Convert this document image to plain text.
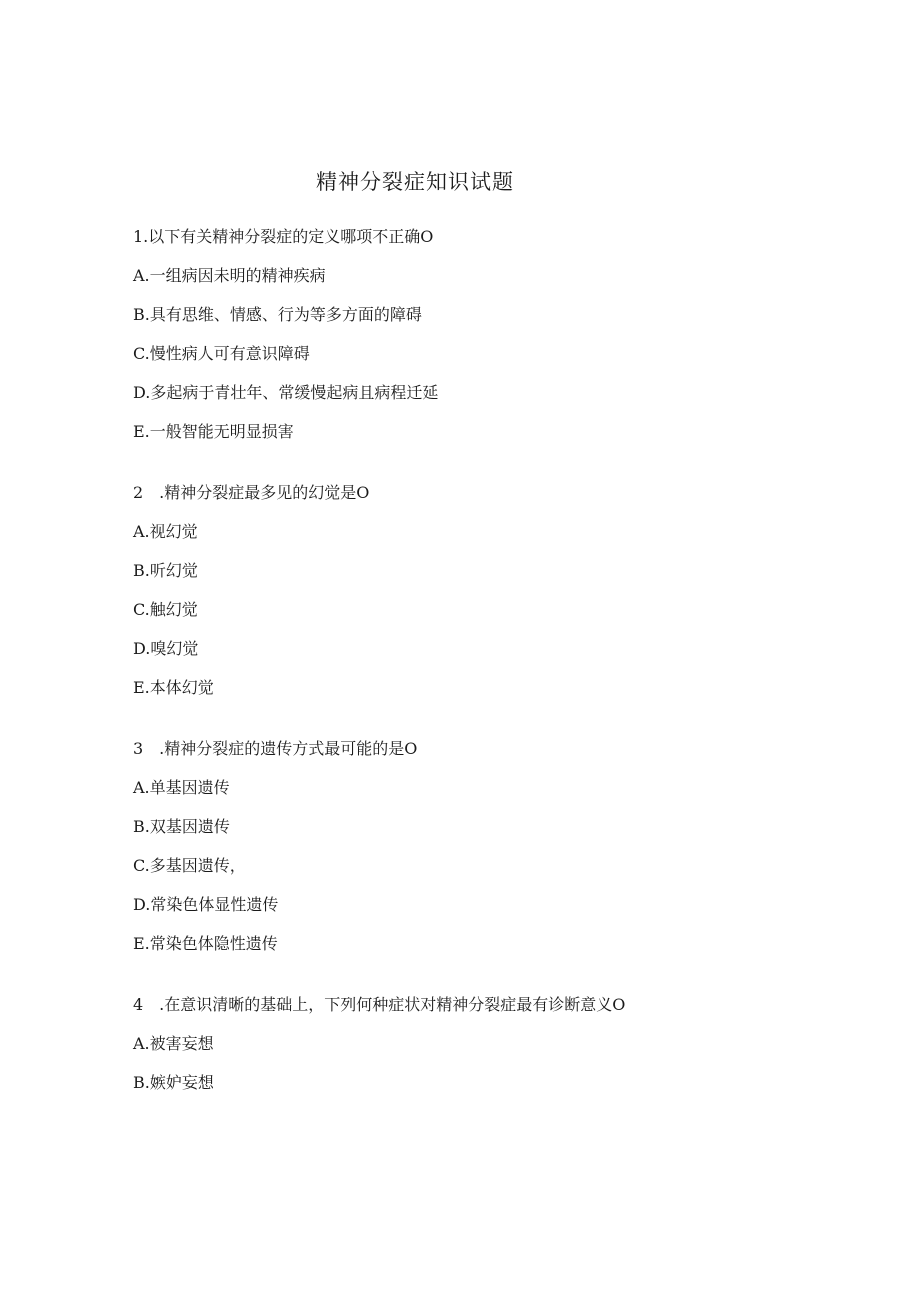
精神分裂症知识试题
1.以下有关精神分裂症的定义哪项不正确O
A.一组病因未明的精神疾病
B.具有思维、情感、行为等多方面的障碍
C.慢性病人可有意识障碍
D.多起病于青壮年、常缓慢起病且病程迁延
E.一般智能无明显损害
2　.精神分裂症最多见的幻觉是O
A.视幻觉
B.听幻觉
C.触幻觉
D.嗅幻觉
E.本体幻觉
3　.精神分裂症的遗传方式最可能的是O
A.单基因遗传
B.双基因遗传
C.多基因遗传，
D.常染色体显性遗传
E.常染色体隐性遗传
4　.在意识清晰的基础上，下列何种症状对精神分裂症最有诊断意义O
A.被害妄想
B.嫉妒妄想
